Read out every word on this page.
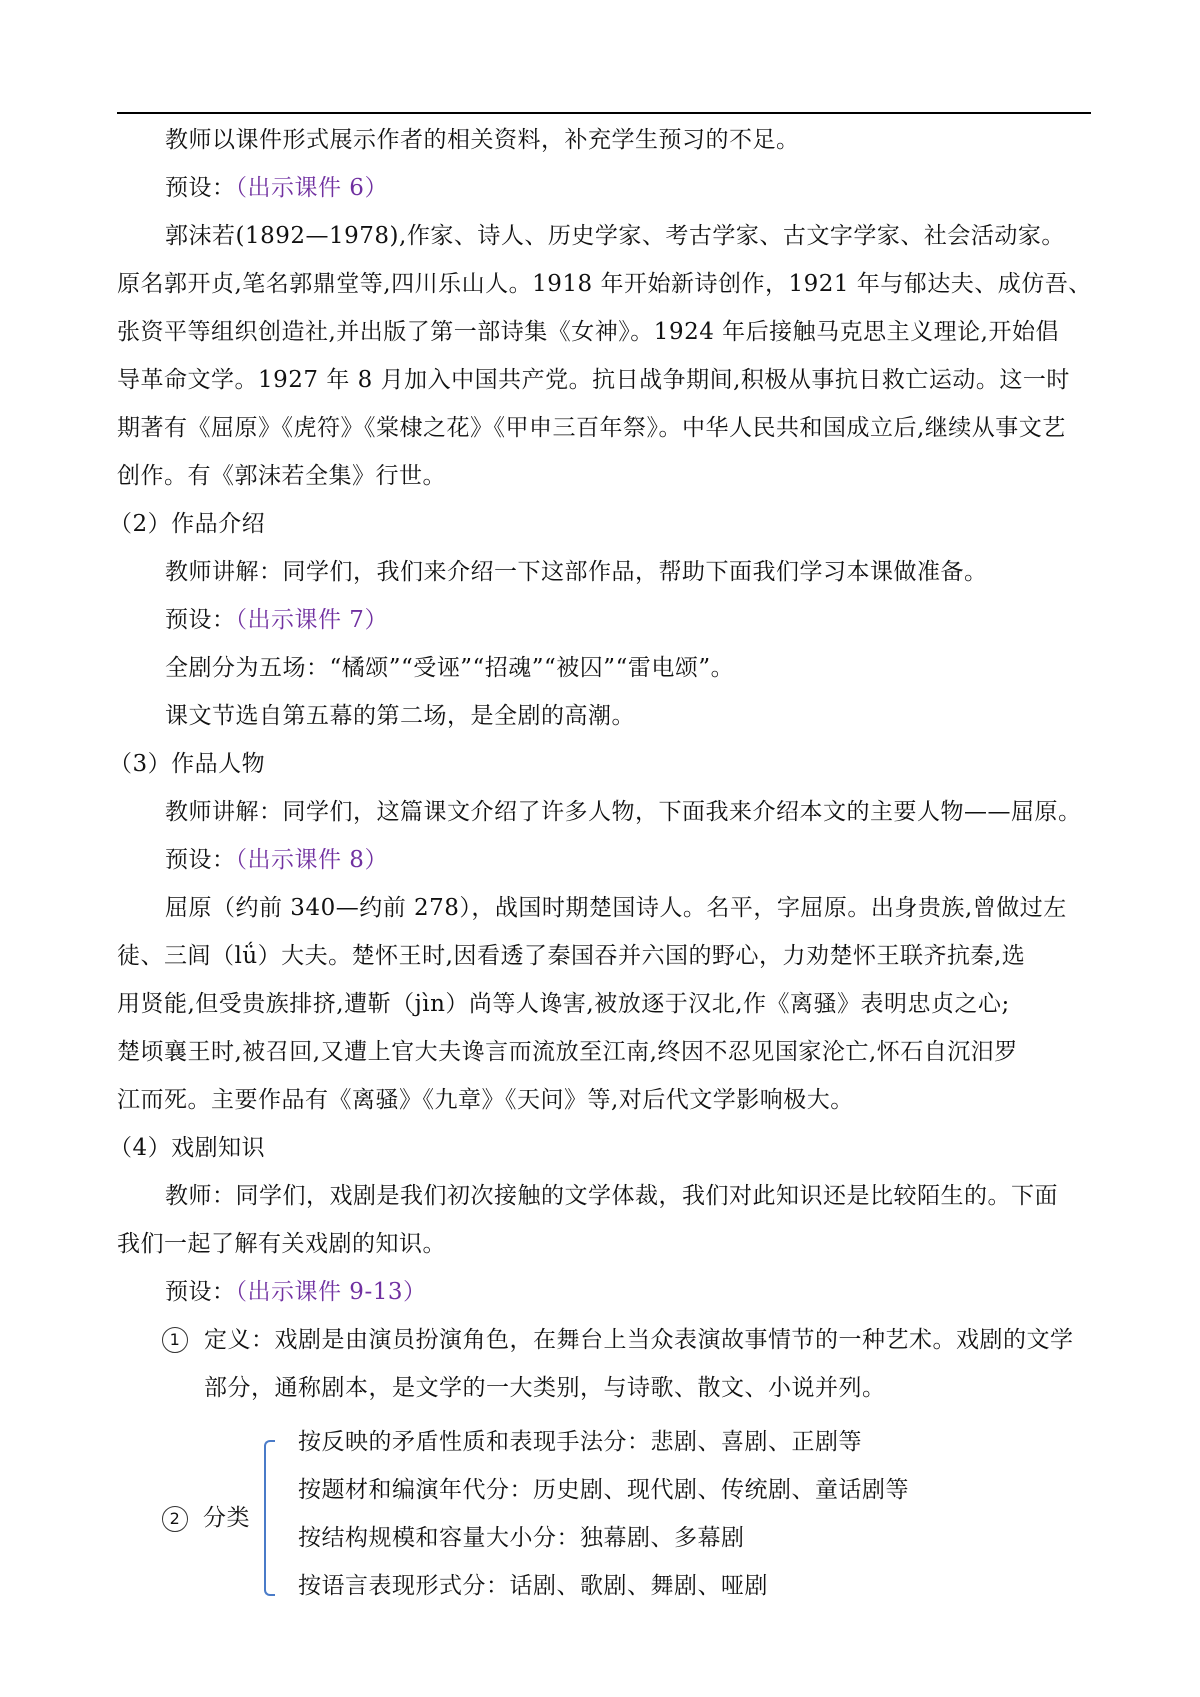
教师以课件形式展示作者的相关资料，补充学生预习的不足。

预设：（出示课件 6）

郭沫若(1892—1978),作家、诗人、历史学家、考古学家、古文字学家、社会活动家。

原名郭开贞,笔名郭鼎堂等,四川乐山人。1918 年开始新诗创作，1921 年与郁达夫、成仿吾、

张资平等组织创造社,并出版了第一部诗集《女神》。1924 年后接触马克思主义理论,开始倡

导革命文学。1927 年 8 月加入中国共产党。抗日战争期间,积极从事抗日救亡运动。这一时

期著有《屈原》《虎符》《棠棣之花》《甲申三百年祭》。中华人民共和国成立后,继续从事文艺

创作。有《郭沫若全集》行世。

（2）作品介绍

教师讲解：同学们，我们来介绍一下这部作品，帮助下面我们学习本课做准备。

预设：（出示课件 7）

全剧分为五场：“橘颂”“受诬”“招魂”“被囚”“雷电颂”。

课文节选自第五幕的第二场，是全剧的高潮。

（3）作品人物

教师讲解：同学们，这篇课文介绍了许多人物，下面我来介绍本文的主要人物——屈原。

预设：（出示课件 8）

屈原（约前 340—约前 278），战国时期楚国诗人。名平，字屈原。出身贵族,曾做过左

徒、三闾（lǘ）大夫。楚怀王时,因看透了秦国吞并六国的野心，力劝楚怀王联齐抗秦,选

用贤能,但受贵族排挤,遭靳（jìn）尚等人谗害,被放逐于汉北,作《离骚》表明忠贞之心;

楚顷襄王时,被召回,又遭上官大夫谗言而流放至江南,终因不忍见国家沦亡,怀石自沉汨罗

江而死。主要作品有《离骚》《九章》《天问》等,对后代文学影响极大。

（4）戏剧知识

教师：同学们，戏剧是我们初次接触的文学体裁，我们对此知识还是比较陌生的。下面

我们一起了解有关戏剧的知识。

预设：（出示课件 9-13）

1	定义：戏剧是由演员扮演角色，在舞台上当众表演故事情节的一种艺术。戏剧的文学

部分，通称剧本，是文学的一大类别，与诗歌、散文、小说并列。

2 分类

按反映的矛盾性质和表现手法分：悲剧、喜剧、正剧等

按题材和编演年代分：历史剧、现代剧、传统剧、童话剧等

按结构规模和容量大小分：独幕剧、多幕剧

按语言表现形式分：话剧、歌剧、舞剧、哑剧
